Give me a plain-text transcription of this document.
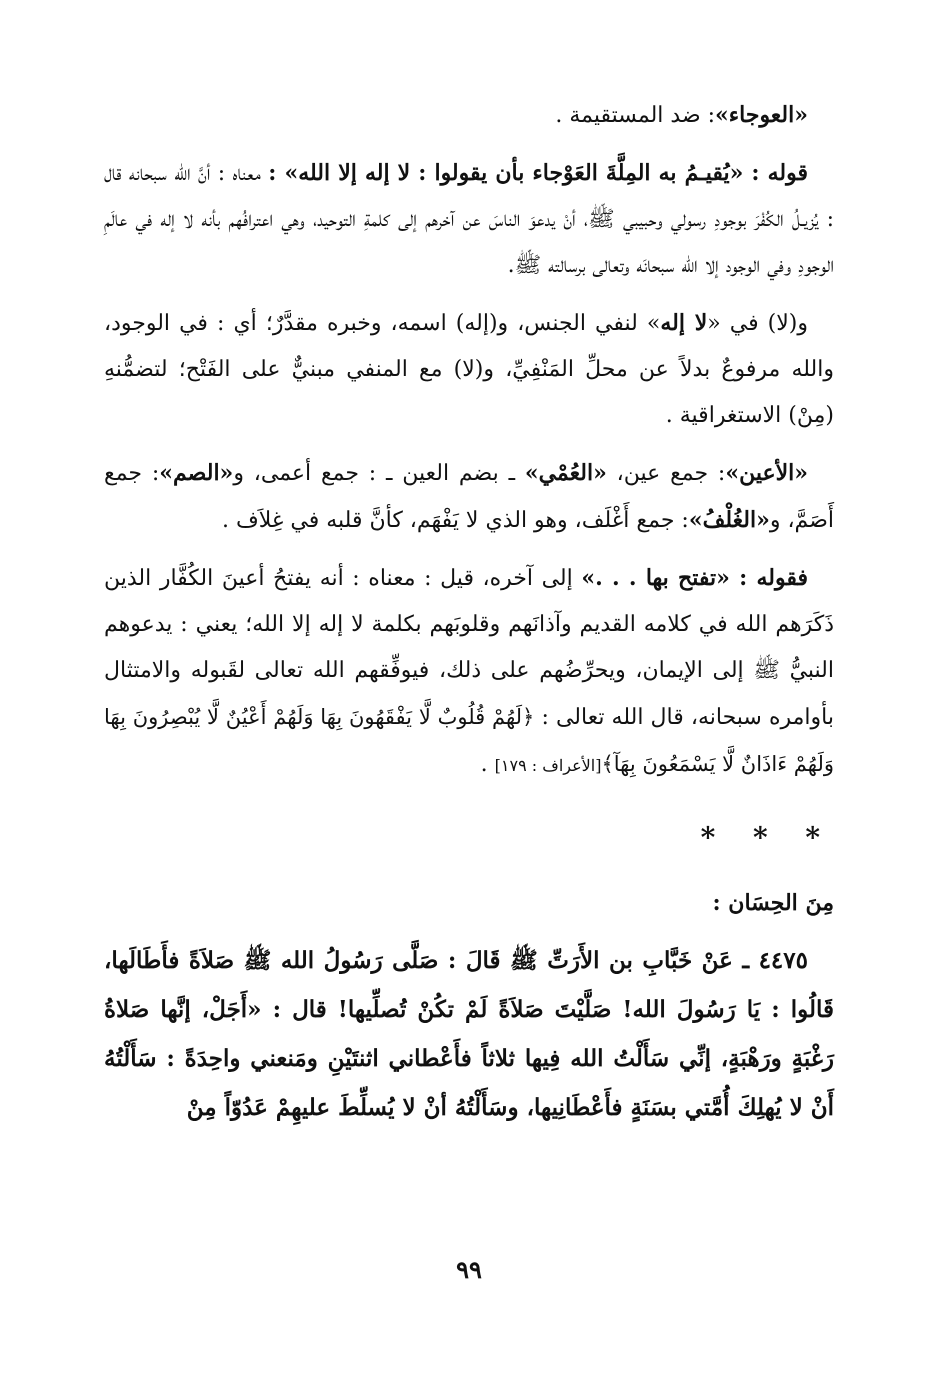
«العوجاء»: ضد المستقيمة .

قوله : «يُقيـمُ به المِلَّةَ العَوْجاء بأن يقولوا : لا إله إلا الله» : معناه : أنَّ الله سبحانه قال : يُزيـلُ الكُفْرَ بوجودِ رسولي وحبيبي ﷺ، أنْ يدعوَ الناسَ عن آخرهم إلى كلمةِ التوحيد، وهي اعترافُهم بأنه لا إله في عالَمِ الوجودِ وفي الوجود إلا الله سبحانَه وتعالى برسالته ﷺ.

و(لا) في «لا إله» لنفي الجنس، و(إله) اسمه، وخبره مقدَّرٌ؛ أي : في الوجود، والله مرفوعٌ بدلاً عن محلِّ المَنْفِيِّ، و(لا) مع المنفي مبنيٌّ على الفَتْح؛ لتضمُّنهِ (مِنْ) الاستغراقية .

«الأعين»: جمع عين، «العُمْي» ـ بضم العين ـ : جمع أعمى، و«الصم»: جمع أَصَمَّ، و«الغُلْفُ»: جمع أَغْلَف، وهو الذي لا يَفْهَم، كأنَّ قلبه في غِلاَف .

فقوله : «تفتح بها . . .» إلى آخره، قيل : معناه : أنه يفتحُ أعينَ الكُفَّار الذين ذَكَرَهم الله في كلامه القديم وآذانَهم وقلوبَهم بكلمة لا إله إلا الله؛ يعني : يدعوهم النبيُّ ﷺ إلى الإيمان، ويحرِّضُهم على ذلك، فيوفِّقهم الله تعالى لقَبوله والامتثال بأوامره سبحانه، قال الله تعالى : ﴿لَهُمْ قُلُوبٌ لَّا يَفْقَهُونَ بِهَا وَلَهُمْ أَعْيُنٌ لَّا يُبْصِرُونَ بِهَا وَلَهُمْ ءَاذَانٌ لَّا يَسْمَعُونَ بِهَآ﴾[الأعراف : ١٧٩] .

* * *

مِنَ الحِسَان :

٤٤٧٥ ـ عَنْ خَبَّابِ بن الأَرَتِّ ﷺ قَالَ : صَلَّى رَسُولُ الله ﷺ صَلاَةً فأَطَالَها، قَالُوا : يَا رَسُولَ الله! صَلَّيْتَ صَلاَةً لَمْ تكُنْ تُصلِّيها! قال : «أَجَلْ، إنَّها صَلاةُ رَغْبَةٍ ورَهْبَةٍ، إنِّي سَأَلْتُ الله فِيها ثلاثاً فأَعْطاني اثنتَيْنِ ومَنعني واحِدَةً : سَأَلْتُهُ أَنْ لا يُهلِكَ أُمَّتي بسَنَةٍ فأَعْطَانِيها، وسَأَلْتُهُ أنْ لا يُسلِّطَ عليهِمْ عَدُوّاً مِنْ

٩٩
